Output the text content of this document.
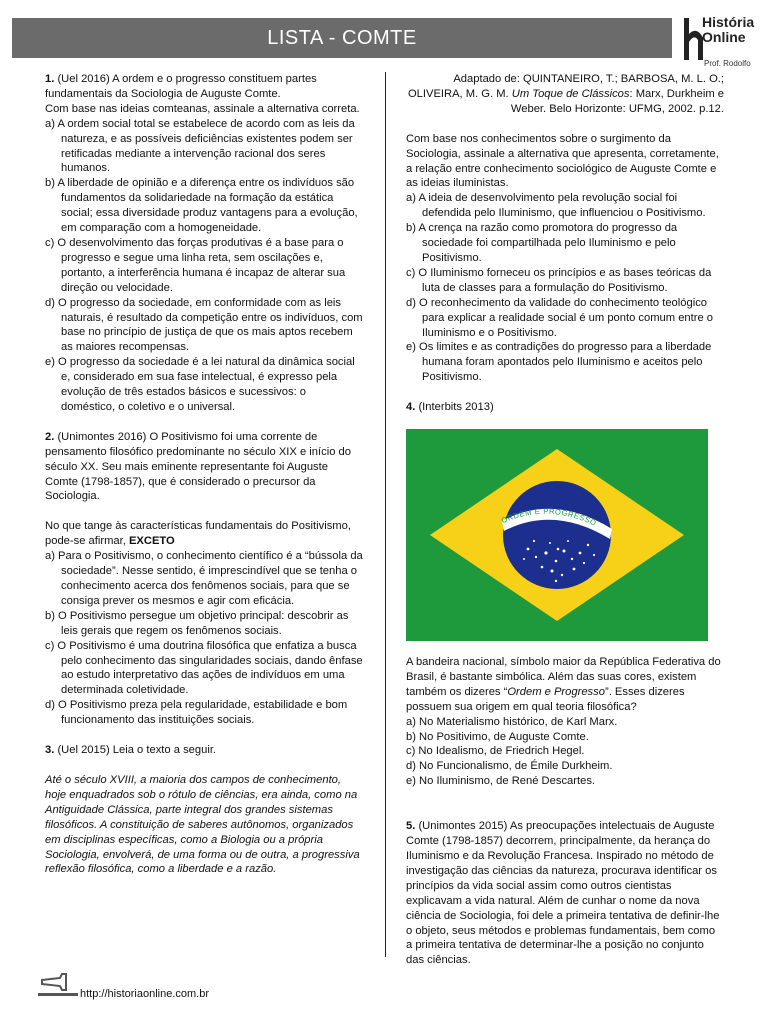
LISTA - COMTE
História
Online
Prof. Rodolfo

1. (Uel 2016) A ordem e o progresso constituem partes fundamentais da Sociologia de Auguste Comte.

Com base nas ideias comteanas, assinale a alternativa correta.

a) A ordem social total se estabelece de acordo com as leis da natureza, e as possíveis deficiências existentes podem ser retificadas mediante a intervenção racional dos seres humanos.

b) A liberdade de opinião e a diferença entre os indivíduos são fundamentos da solidariedade na formação da estática social; essa diversidade produz vantagens para a evolução, em comparação com a homogeneidade.

c) O desenvolvimento das forças produtivas é a base para o progresso e segue uma linha reta, sem oscilações e, portanto, a interferência humana é incapaz de alterar sua direção ou velocidade.

d) O progresso da sociedade, em conformidade com as leis naturais, é resultado da competição entre os indivíduos, com base no princípio de justiça de que os mais aptos recebem as maiores recompensas.

e) O progresso da sociedade é a lei natural da dinâmica social e, considerado em sua fase intelectual, é expresso pela evolução de três estados básicos e sucessivos: o doméstico, o coletivo e o universal.

2. (Unimontes 2016) O Positivismo foi uma corrente de pensamento filosófico predominante no século XIX e início do século XX. Seu mais eminente representante foi Auguste Comte (1798-1857), que é considerado o precursor da Sociologia.

No que tange às características fundamentais do Positivismo, pode-se afirmar, EXCETO

a) Para o Positivismo, o conhecimento científico é a “bússola da sociedade”. Nesse sentido, é imprescindível que se tenha o conhecimento acerca dos fenômenos sociais, para que se consiga prever os mesmos e agir com eficácia.

b) O Positivismo persegue um objetivo principal: descobrir as leis gerais que regem os fenômenos sociais.

c) O Positivismo é uma doutrina filosófica que enfatiza a busca pelo conhecimento das singularidades sociais, dando ênfase ao estudo interpretativo das ações de indivíduos em uma determinada coletividade.

d) O Positivismo preza pela regularidade, estabilidade e bom funcionamento das instituições sociais.

3. (Uel 2015) Leia o texto a seguir.

Até o século XVIII, a maioria dos campos de conhecimento, hoje enquadrados sob o rótulo de ciências, era ainda, como na Antiguidade Clássica, parte integral dos grandes sistemas filosóficos. A constituição de saberes autônomos, organizados em disciplinas específicas, como a Biologia ou a própria Sociologia, envolverá, de uma forma ou de outra, a progressiva reflexão filosófica, como a liberdade e a razão.

Adaptado de: QUINTANEIRO, T.; BARBOSA, M. L. O.; OLIVEIRA, M. G. M. Um Toque de Clássicos: Marx, Durkheim e Weber. Belo Horizonte: UFMG, 2002. p.12.

Com base nos conhecimentos sobre o surgimento da Sociologia, assinale a alternativa que apresenta, corretamente, a relação entre conhecimento sociológico de Auguste Comte e as ideias iluministas.

a) A ideia de desenvolvimento pela revolução social foi defendida pelo Iluminismo, que influenciou o Positivismo.

b) A crença na razão como promotora do progresso da sociedade foi compartilhada pelo Iluminismo e pelo Positivismo.

c) O Iluminismo forneceu os princípios e as bases teóricas da luta de classes para a formulação do Positivismo.

d) O reconhecimento da validade do conhecimento teológico para explicar a realidade social é um ponto comum entre o Iluminismo e o Positivismo.

e) Os limites e as contradições do progresso para a liberdade humana foram apontados pelo Iluminismo e aceitos pelo Positivismo.

4. (Interbits 2013)

ORDEM E PROGRESSO

A bandeira nacional, símbolo maior da República Federativa do Brasil, é bastante simbólica. Além das suas cores, existem também os dizeres “Ordem e Progresso”. Esses dizeres possuem sua origem em qual teoria filosófica?

a) No Materialismo histórico, de Karl Marx.

b) No Positivimo, de Auguste Comte.

c) No Idealismo, de Friedrich Hegel.

d) No Funcionalismo, de Émile Durkheim.

e) No Iluminismo, de René Descartes.

5. (Unimontes 2015) As preocupações intelectuais de Auguste Comte (1798-1857) decorrem, principalmente, da herança do Iluminismo e da Revolução Francesa. Inspirado no método de investigação das ciências da natureza, procurava identificar os princípios da vida social assim como outros cientistas explicavam a vida natural. Além de cunhar o nome da nova ciência de Sociologia, foi dele a primeira tentativa de definir-lhe o objeto, seus métodos e problemas fundamentais, bem como a primeira tentativa de determinar-lhe a posição no conjunto das ciências.

http://historiaonline.com.br
